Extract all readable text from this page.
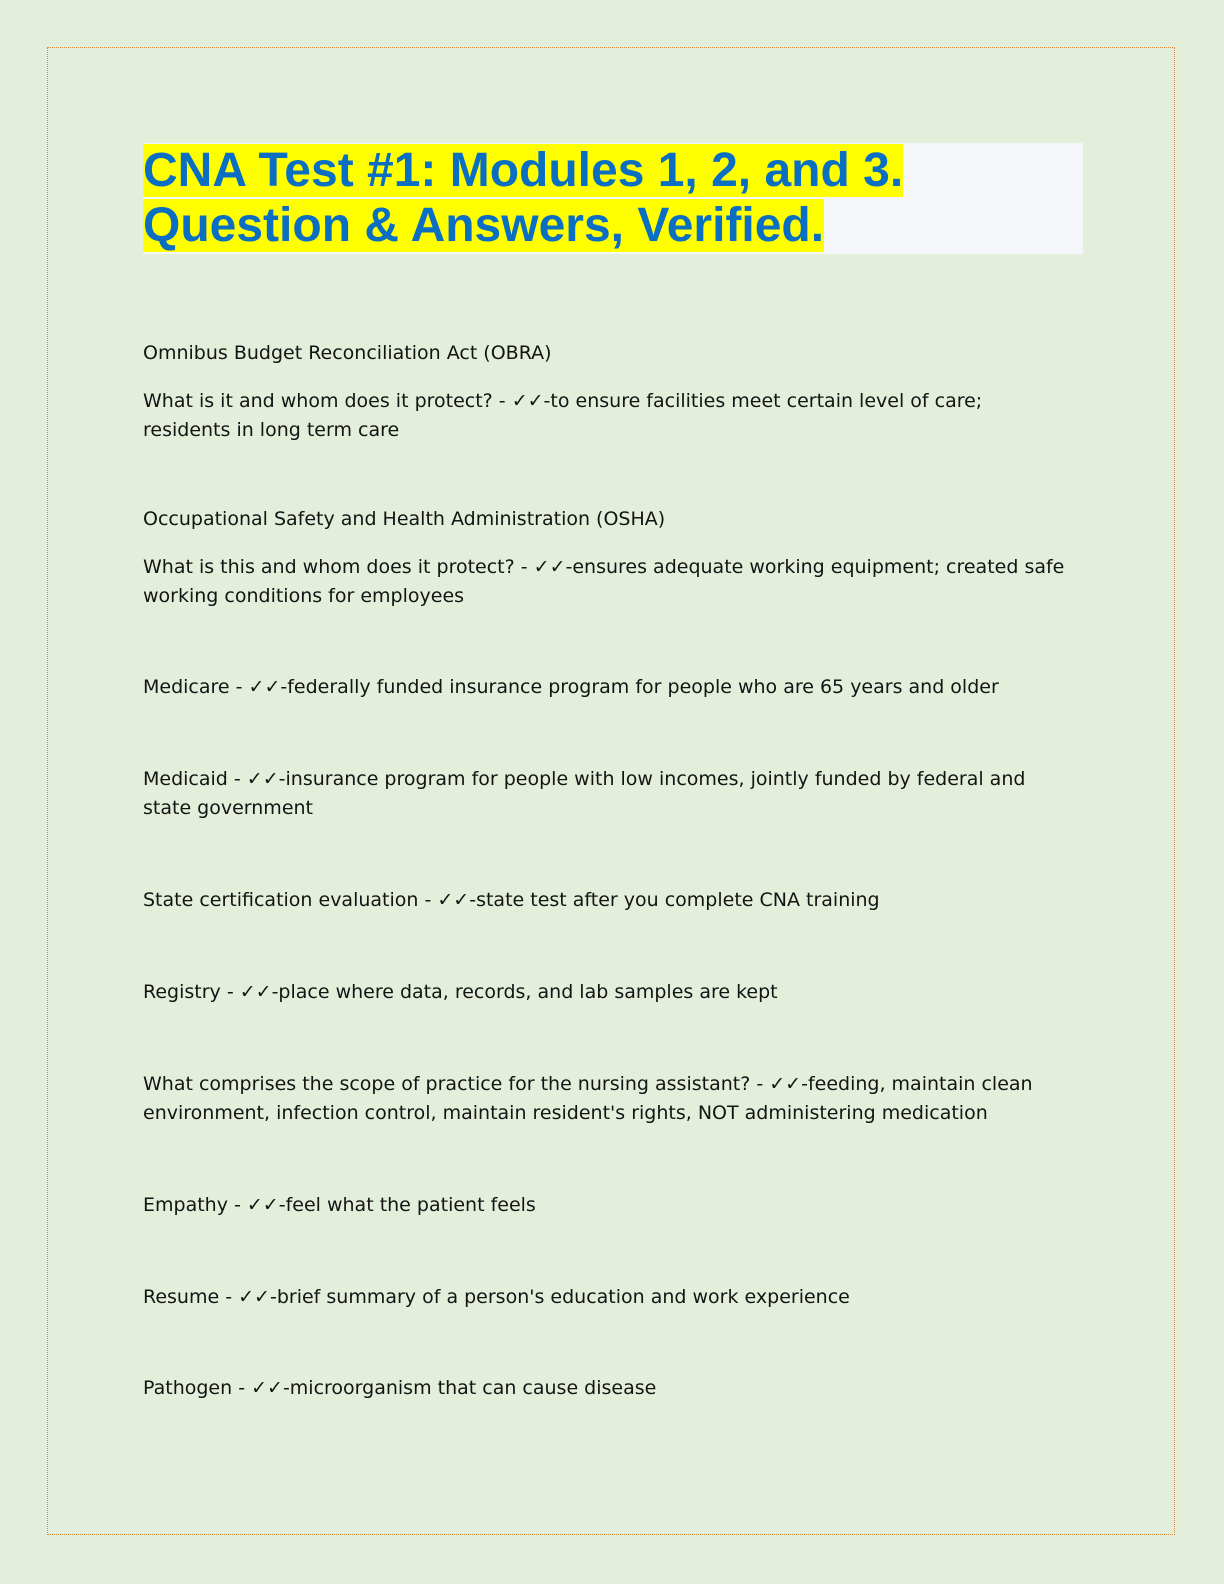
CNA Test #1: Modules 1, 2, and 3.
Question & Answers, Verified.

Omnibus Budget Reconciliation Act (OBRA)

What is it and whom does it protect? - ✓✓-to ensure facilities meet certain level of care; residents in long term care

Occupational Safety and Health Administration (OSHA)

What is this and whom does it protect? - ✓✓-ensures adequate working equipment; created safe working conditions for employees

Medicare - ✓✓-federally funded insurance program for people who are 65 years and older

Medicaid - ✓✓-insurance program for people with low incomes, jointly funded by federal and state government

State certification evaluation - ✓✓-state test after you complete CNA training

Registry - ✓✓-place where data, records, and lab samples are kept

What comprises the scope of practice for the nursing assistant? - ✓✓-feeding, maintain clean environment, infection control, maintain resident's rights, NOT administering medication

Empathy - ✓✓-feel what the patient feels

Resume - ✓✓-brief summary of a person's education and work experience

Pathogen - ✓✓-microorganism that can cause disease
